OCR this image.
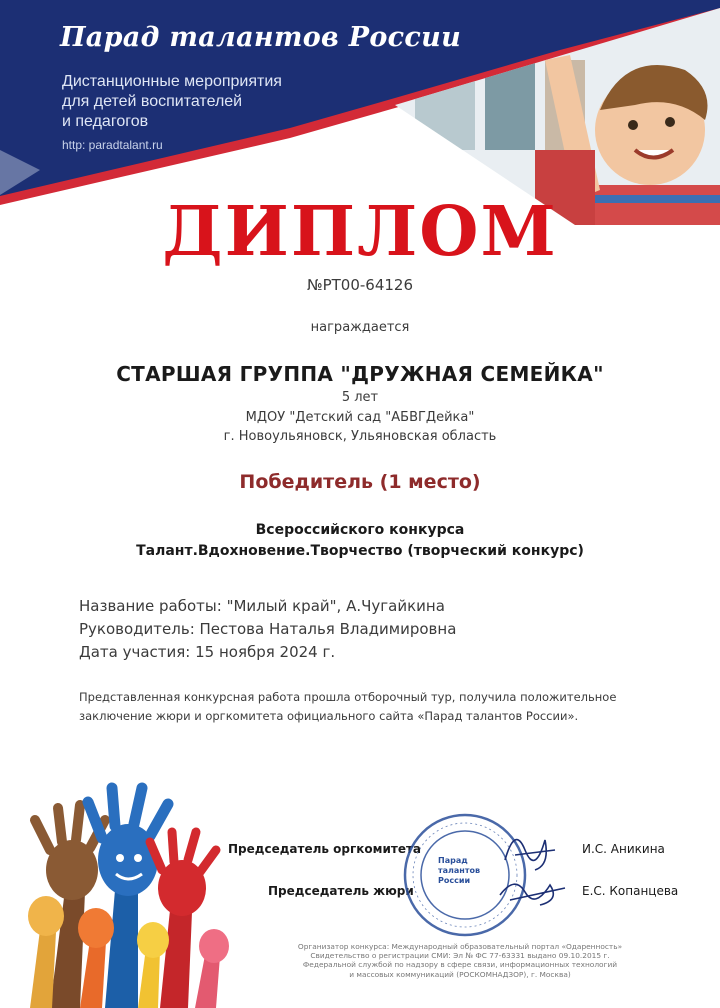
Парад талантов России
Дистанционные мероприятия
для детей воспитателей
и педагогов
http: paradtalant.ru
ДИПЛОМ
№РТ00-64126
награждается
СТАРШАЯ ГРУППА "ДРУЖНАЯ СЕМЕЙКА"
5 лет
МДОУ "Детский сад "АБВГДейка"
г. Новоульяновск, Ульяновская область
Победитель (1 место)
Всероссийского конкурса
Талант.Вдохновение.Творчество (творческий конкурс)
Название работы: "Милый край", А.Чугайкина
Руководитель: Пестова Наталья Владимировна
Дата участия: 15 ноября 2024 г.
Представленная конкурсная работа прошла отборочный тур, получила положительное заключение жюри и оргкомитета официального сайта «Парад талантов России».
Председатель оргкомитета
Председатель жюри
Парад талантов России
И.С. Аникина
Е.С. Копанцева
Организатор конкурса: Международный образовательный портал «Одаренность»
Свидетельство о регистрации СМИ: Эл № ФС 77-63331 выдано 09.10.2015 г.
Федеральной службой по надзору в сфере связи, информационных технологий
и массовых коммуникаций (РОСКОМНАДЗОР), г. Москва)
